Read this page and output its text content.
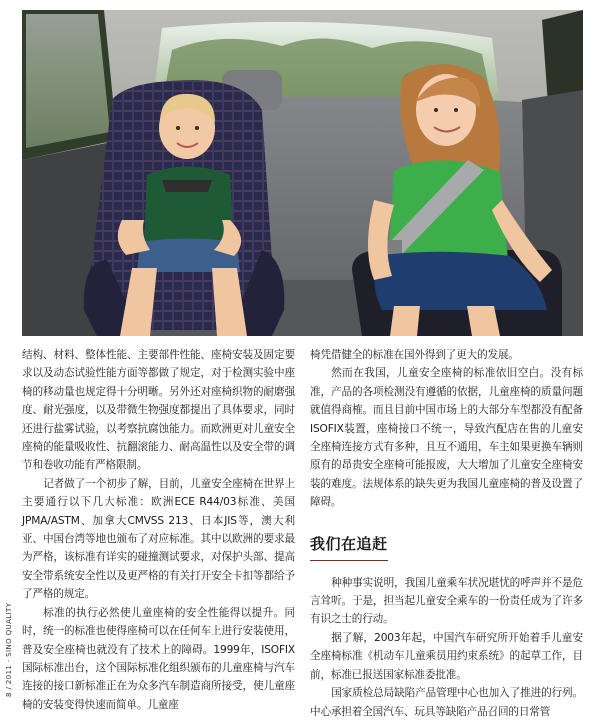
结构、材料、整体性能、主要部件性能、座椅安装及固定要求以及动态试验性能方面等都做了规定，对于检测实验中座椅的移动量也规定得十分明晰。另外还对座椅织物的耐磨强度、耐光强度，以及带微生物强度都提出了具体要求，同时还进行盐雾试验，以考察抗腐蚀能力。而欧洲更对儿童安全座椅的能量吸收性、抗翻滚能力、耐高温性以及安全带的调节和卷收功能有严格限制。

记者做了一个初步了解，目前，儿童安全座椅在世界上主要通行以下几大标准：欧洲ECE R44/03标准、美国JPMA/ASTM、加拿大CMVSS 213、日本JIS等，澳大利亚、中国台湾等地也颁布了对应标准。其中以欧洲的要求最为严格，该标准有详实的碰撞测试要求，对保护头部、提高安全带系统安全性以及更严格的有关打开安全卡扣等都给予了严格的规定。

标准的执行必然使儿童座椅的安全性能得以提升。同时，统一的标准也使得座椅可以在任何车上进行安装使用，普及安全座椅也就没有了技术上的障碍。1999年，ISOFIX国际标准出台，这个国际标准化组织颁布的儿童座椅与汽车连接的接口新标准正在为众多汽车制造商所接受，使儿童座椅的安装变得快速而简单。儿童座

椅凭借健全的标准在国外得到了更大的发展。

然而在我国，儿童安全座椅的标准依旧空白。没有标准，产品的各项检测没有遵循的依据，儿童座椅的质量问题就值得商榷。而且目前中国市场上的大部分车型都没有配备ISOFIX装置，座椅接口不统一，导致汽配店在售的儿童安全座椅连接方式有多种，且互不通用，车主如果更换车辆则原有的昂贵安全座椅可能报废，大大增加了儿童安全座椅安装的难度。法规体系的缺失更为我国儿童座椅的普及设置了障碍。

我们在追赶

种种事实说明，我国儿童乘车状况堪忧的呼声并不是危言耸听。于是，担当起儿童安全乘车的一份责任成为了许多有识之士的行动。

据了解，2003年起，中国汽车研究所开始着手儿童安全座椅标准《机动车儿童乘员用约束系统》的起草工作，目前，标准已报送国家标准委批准。

国家质检总局缺陷产品管理中心也加入了推进的行列。中心承担着全国汽车、玩具等缺陷产品召回的日常管

8 / 2011 · SINO QUALITY
